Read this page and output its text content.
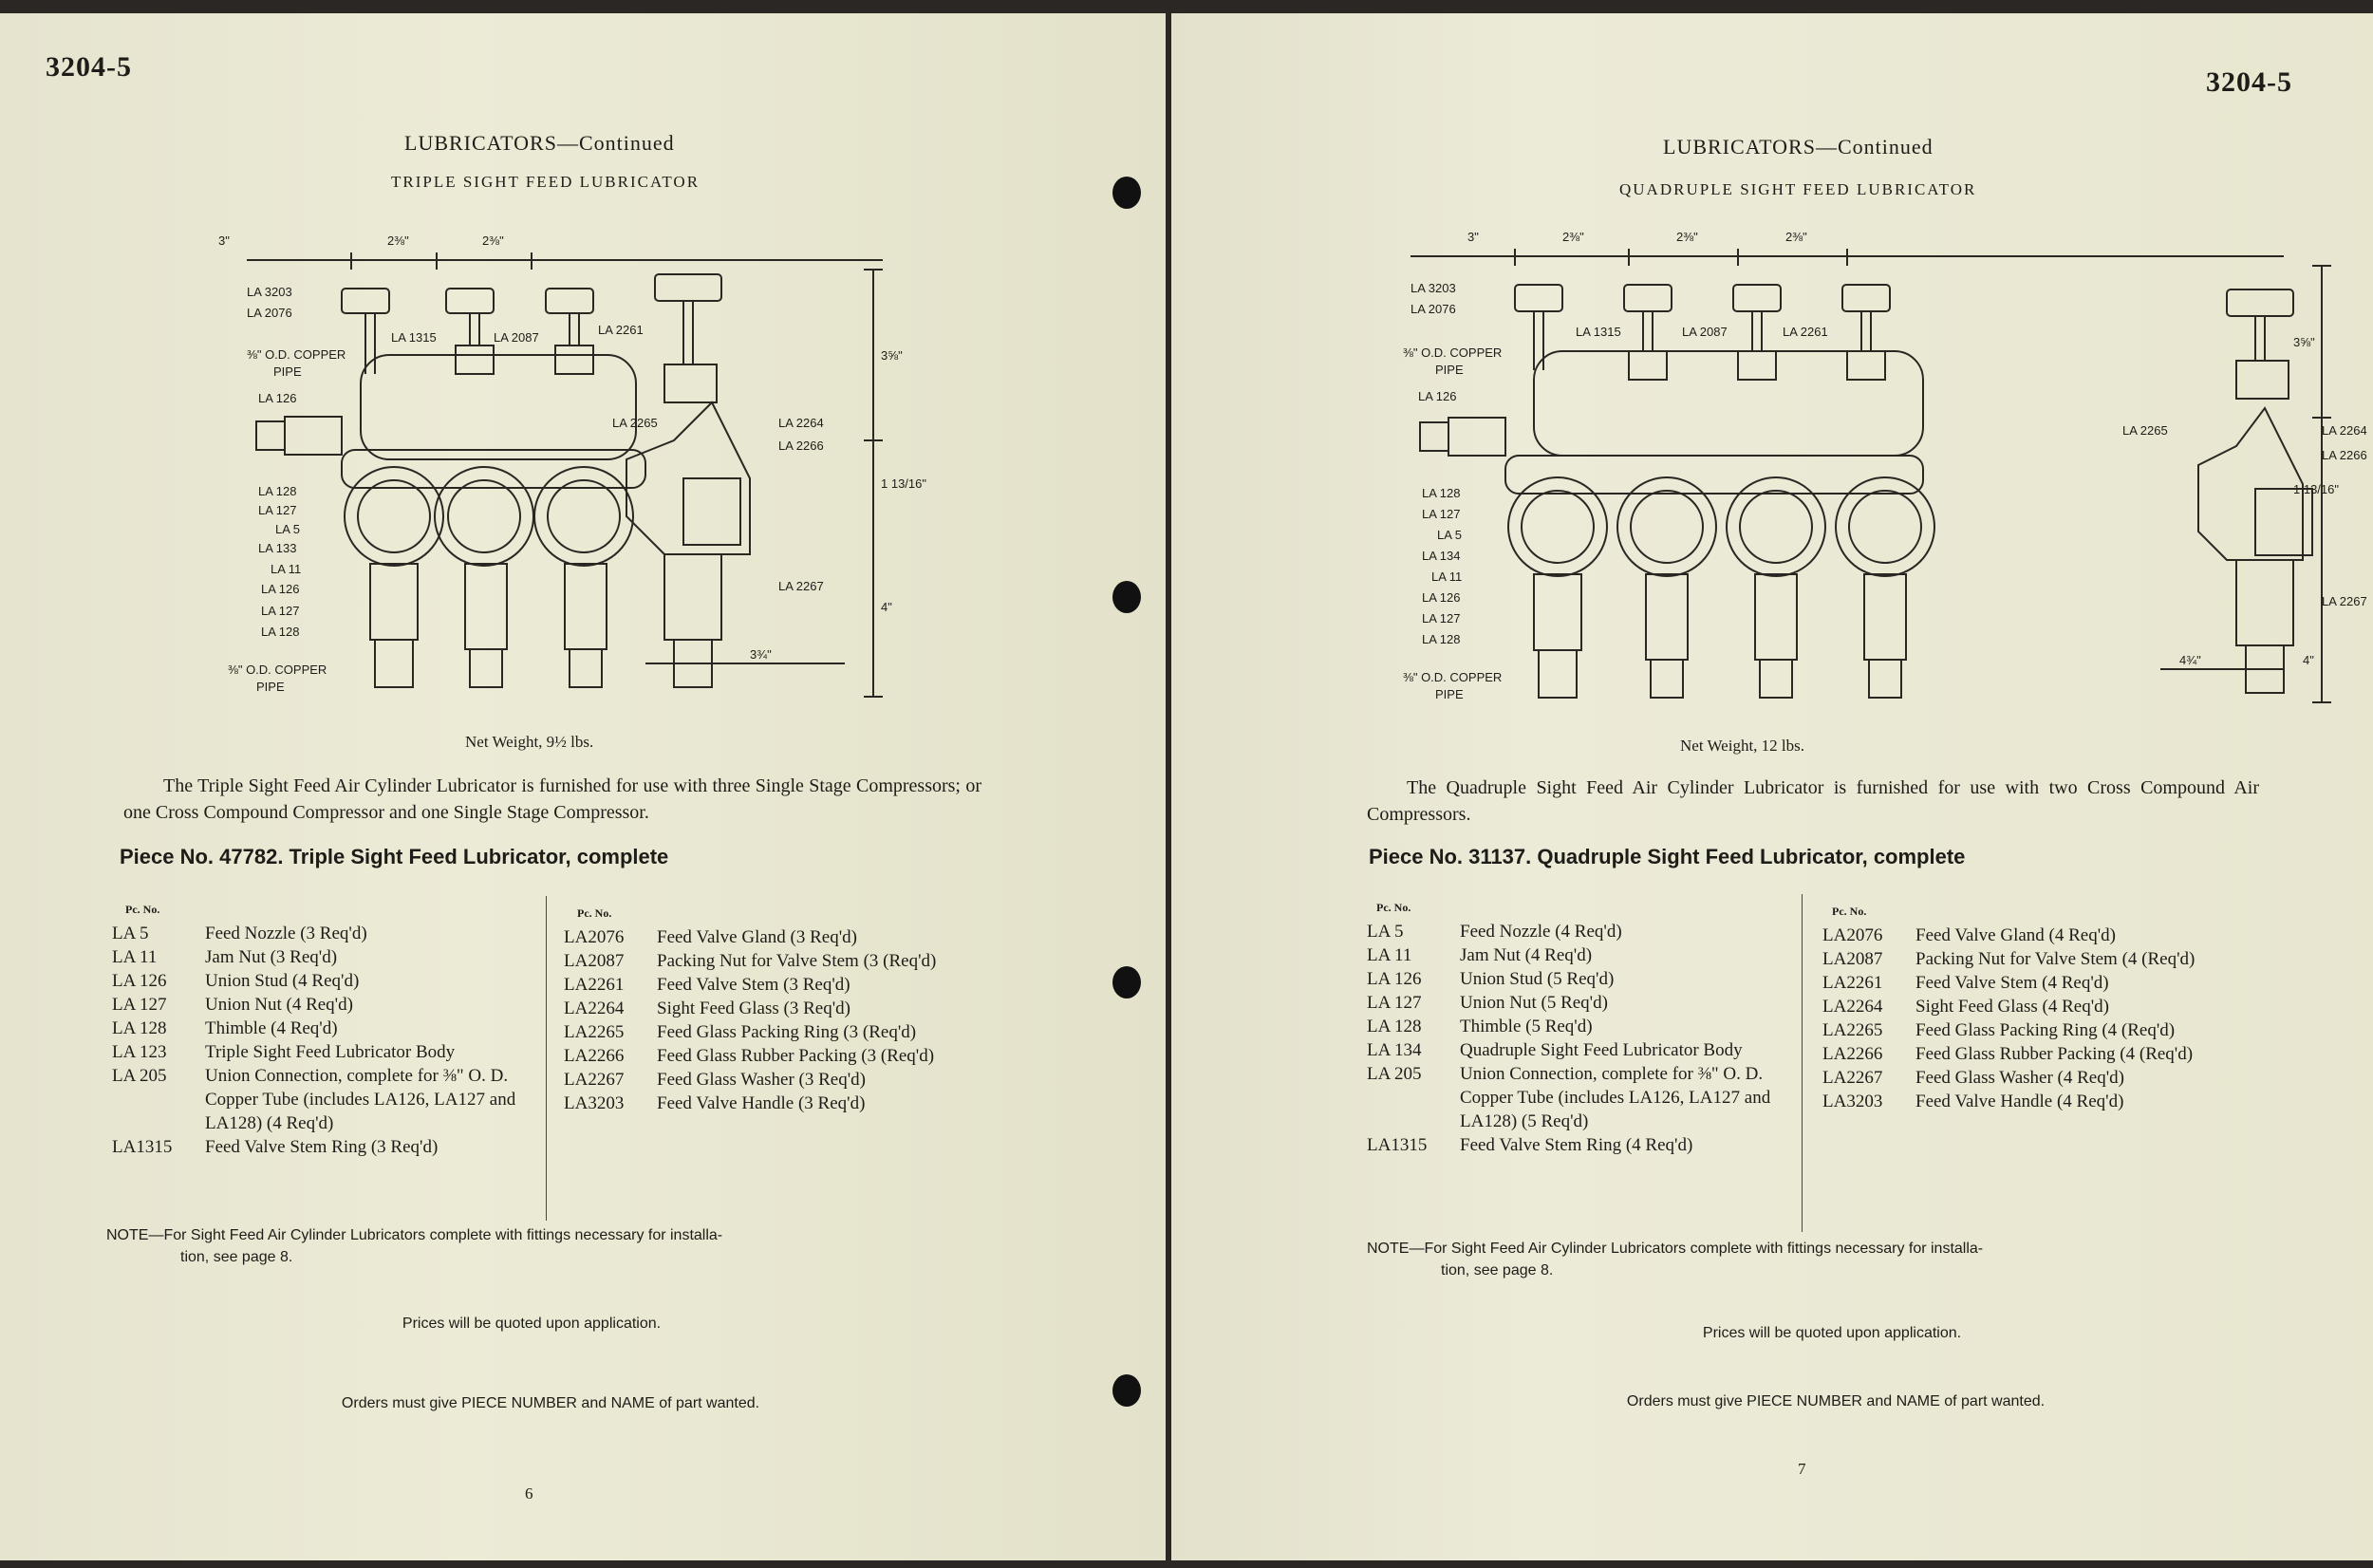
3204-5

LUBRICATORS—Continued

TRIPLE SIGHT FEED LUBRICATOR

3"	2⅜"	2⅜"
3⅝"
1 13/16"
4"
3¾"
LA 3203
LA 2076
⅜" O.D. COPPER
PIPE
LA 126
LA 128
LA 127
LA 5
LA 133
LA 11
LA 126
LA 127
LA 128
⅜" O.D. COPPER
PIPE
LA 1315	LA 2087
LA 2261
LA 2265	LA 2264
LA 2266
LA 2267

Net Weight, 9½ lbs.

The Triple Sight Feed Air Cylinder Lubricator is furnished for use with three Single Stage Compressors; or one Cross Compound Compressor and one Single Stage Compressor.

Piece No. 47782. Triple Sight Feed Lubricator, complete

Pc. No.
LA 5	Feed Nozzle (3 Req'd)
LA 11	Jam Nut (3 Req'd)
LA 126	Union Stud (4 Req'd)
LA 127	Union Nut (4 Req'd)
LA 128	Thimble (4 Req'd)
LA 123	Triple Sight Feed Lubricator Body
LA 205	Union Connection, complete for ⅜" O. D. Copper Tube (includes LA126, LA127 and LA128) (4 Req'd)
LA1315	Feed Valve Stem Ring (3 Req'd)
Pc. No.
LA2076	Feed Valve Gland (3 Req'd)
LA2087	Packing Nut for Valve Stem (3 (Req'd)
LA2261	Feed Valve Stem (3 Req'd)
LA2264	Sight Feed Glass (3 Req'd)
LA2265	Feed Glass Packing Ring (3 (Req'd)
LA2266	Feed Glass Rubber Packing (3 (Req'd)
LA2267	Feed Glass Washer (3 Req'd)
LA3203	Feed Valve Handle (3 Req'd)
NOTE—For Sight Feed Air Cylinder Lubricators complete with fittings necessary for installa-
tion, see page 8.

Prices will be quoted upon application.

Orders must give PIECE NUMBER and NAME of part wanted.

6

3204-5

LUBRICATORS—Continued

QUADRUPLE SIGHT FEED LUBRICATOR

3"	2⅜"	2⅜"	2⅜"
3⅝"
1 13/16"
4"
4¾"
LA 3203
LA 2076
⅜" O.D. COPPER
PIPE
LA 126
LA 128
LA 127
LA 5
LA 134
LA 11
LA 126
LA 127
LA 128
⅜" O.D. COPPER
PIPE
LA 1315	LA 2087	LA 2261
LA 2265	LA 2264
LA 2266
LA 2267

Net Weight, 12 lbs.

The Quadruple Sight Feed Air Cylinder Lubricator is furnished for use with two Cross Compound Air Compressors.

Piece No. 31137. Quadruple Sight Feed Lubricator, complete

Pc. No.
LA 5	Feed Nozzle (4 Req'd)
LA 11	Jam Nut (4 Req'd)
LA 126	Union Stud (5 Req'd)
LA 127	Union Nut (5 Req'd)
LA 128	Thimble (5 Req'd)
LA 134	Quadruple Sight Feed Lubricator Body
LA 205	Union Connection, complete for ⅜" O. D. Copper Tube (includes LA126, LA127 and LA128) (5 Req'd)
LA1315	Feed Valve Stem Ring (4 Req'd)
Pc. No.
LA2076	Feed Valve Gland (4 Req'd)
LA2087	Packing Nut for Valve Stem (4 (Req'd)
LA2261	Feed Valve Stem (4 Req'd)
LA2264	Sight Feed Glass (4 Req'd)
LA2265	Feed Glass Packing Ring (4 (Req'd)
LA2266	Feed Glass Rubber Packing (4 (Req'd)
LA2267	Feed Glass Washer (4 Req'd)
LA3203	Feed Valve Handle (4 Req'd)
NOTE—For Sight Feed Air Cylinder Lubricators complete with fittings necessary for installa-
tion, see page 8.

Prices will be quoted upon application.

Orders must give PIECE NUMBER and NAME of part wanted.

7
